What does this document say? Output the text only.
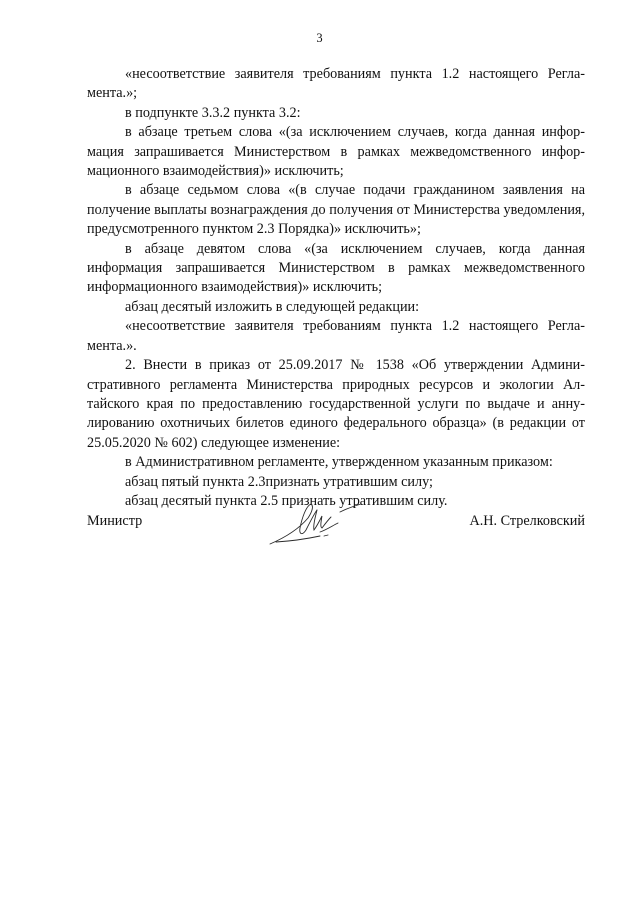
3

«несоответствие заявителя требованиям пункта 1.2 настоящего Регла-мента.»;

в подпункте 3.3.2 пункта 3.2:

в абзаце третьем слова «(за исключением случаев, когда данная инфор-мация запрашивается Министерством в рамках межведомственного инфор-мационного взаимодействия)» исключить;

в абзаце седьмом слова «(в случае подачи гражданином заявления на получение выплаты вознаграждения до получения от Министерства уведомления, предусмотренного пунктом 2.3 Порядка)» исключить»;

в абзаце девятом слова «(за исключением случаев, когда данная информация запрашивается Министерством в рамках межведомственного информационного взаимодействия)» исключить;

абзац десятый изложить в следующей редакции:

«несоответствие заявителя требованиям пункта 1.2 настоящего Регла-мента.».

2. Внести в приказ от 25.09.2017 № 1538 «Об утверждении Админи-стративного регламента Министерства природных ресурсов и экологии Ал-тайского края по предоставлению государственной услуги по выдаче и анну-лированию охотничьих билетов единого федерального образца» (в редакции от 25.05.2020 № 602) следующее изменение:

в Административном регламенте, утвержденном указанным приказом:

абзац пятый пункта 2.3признать утратившим силу;

абзац десятый пункта 2.5 признать утратившим силу.

Министр	А.Н. Стрелковский
